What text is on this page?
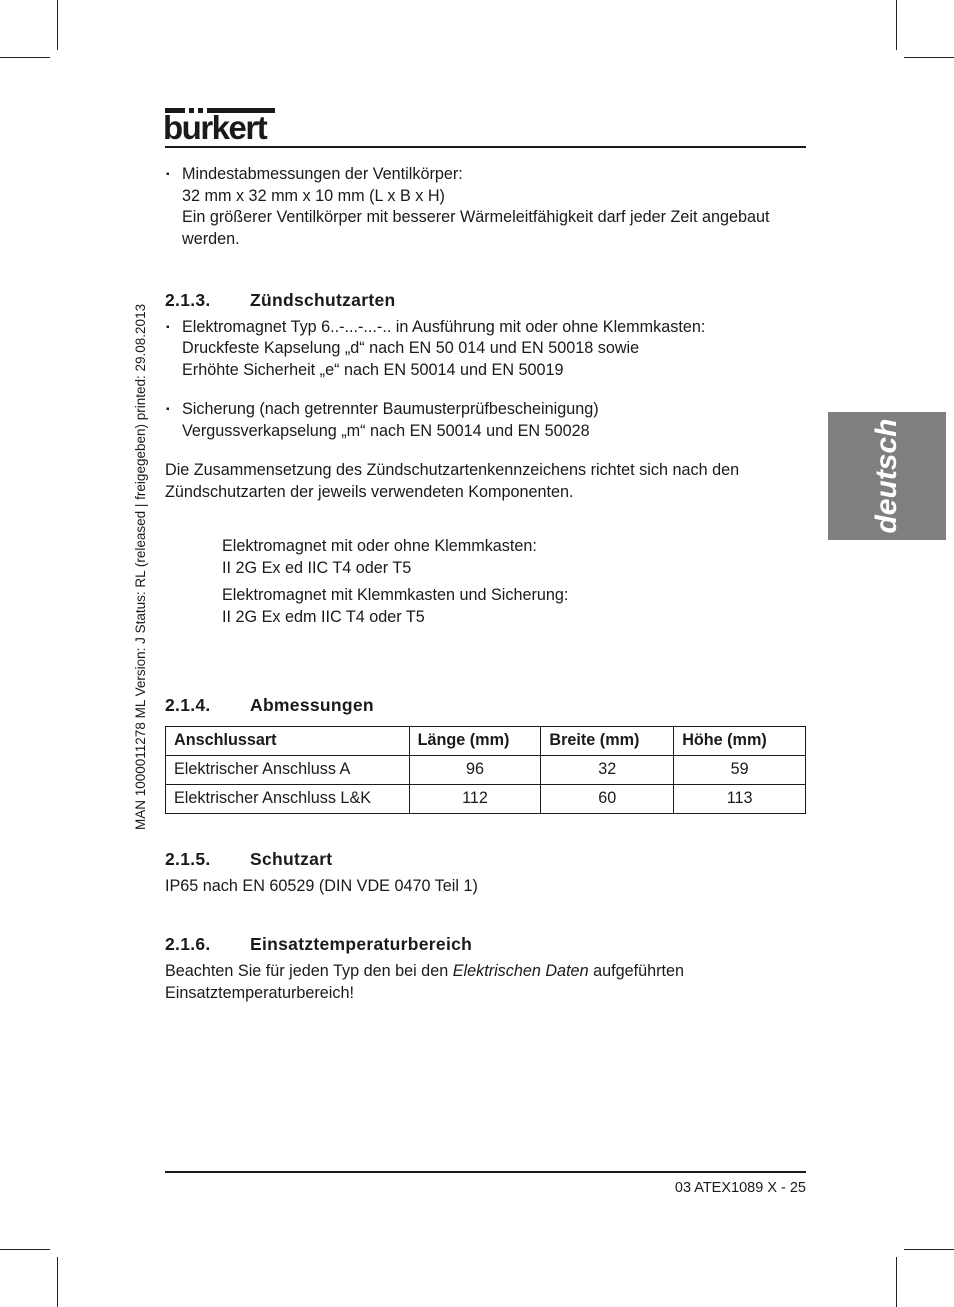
burkert
MAN 1000011278 ML Version: J Status: RL (released | freigegeben) printed: 29.08.2013	deutsch
▪ Mindestabmessungen der Ventilkörper:
32 mm x 32 mm x 10 mm (L x B x H)
Ein größerer Ventilkörper mit besserer Wärmeleitfähigkeit darf jeder Zeit angebaut werden.
2.1.3. Zündschutzarten
▪ Elektromagnet Typ 6..-...-...-.. in Ausführung mit oder ohne Klemmkasten:
Druckfeste Kapselung „d“ nach EN 50 014 und EN 50018 sowie
Erhöhte Sicherheit „e“ nach EN 50014 und EN 50019
▪ Sicherung (nach getrennter Baumusterprüfbescheinigung)
Vergussverkapselung „m“ nach EN 50014 und EN 50028

Die Zusammensetzung des Zündschutzartenkennzeichens richtet sich nach den Zündschutzarten der jeweils verwendeten Komponenten.

Elektromagnet mit oder ohne Klemmkasten:
II 2G Ex ed IIC T4 oder T5
Elektromagnet mit Klemmkasten und Sicherung:
II 2G Ex edm IIC T4 oder T5
2.1.4. Abmessungen
Anschlussart	Länge (mm)	Breite (mm)	Höhe (mm)
Elektrischer Anschluss A	96	32	59
Elektrischer Anschluss L&K	112	60	113
2.1.5. Schutzart

IP65 nach EN 60529 (DIN VDE 0470 Teil 1)

2.1.6. Einsatztemperaturbereich

Beachten Sie für jeden Typ den bei den Elektrischen Daten aufgeführten Einsatztemperaturbereich!

03 ATEX1089 X - 25
